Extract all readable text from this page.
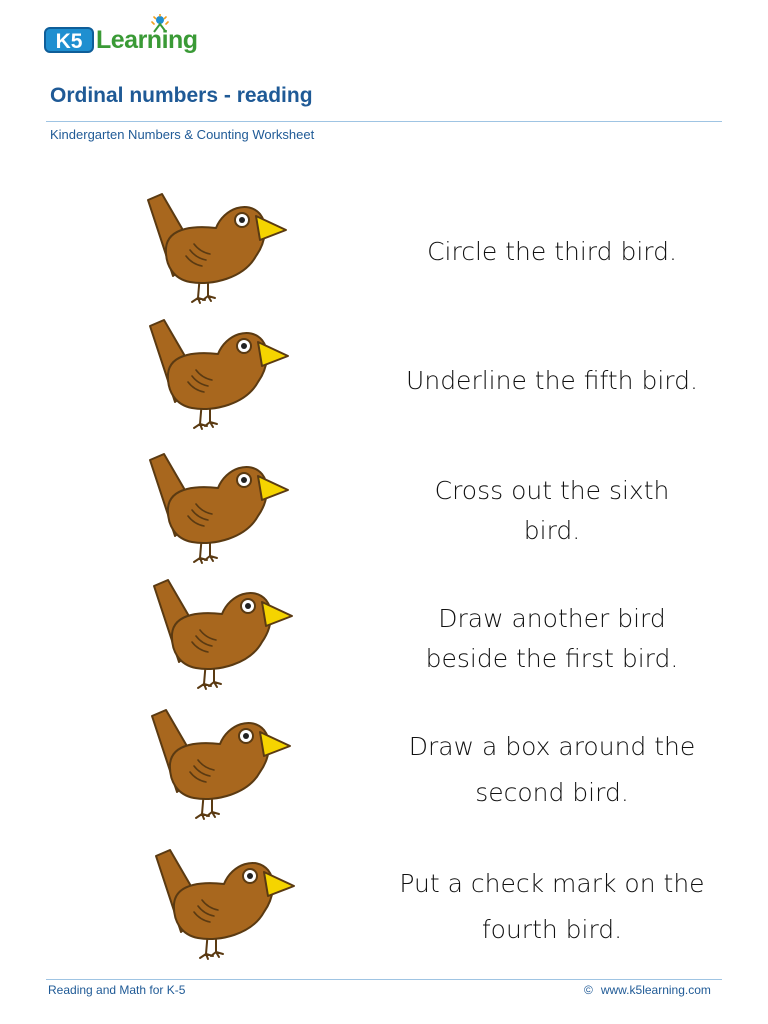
K5 Learning
Ordinal numbers - reading
Kindergarten Numbers & Counting Worksheet
Circle the third bird.
Underline the fifth bird.
Cross out the sixth bird.
Draw another bird beside the first bird.
Draw a box around the second bird.
Put a check mark on the fourth bird.
Reading and Math for K-5	© www.k5learning.com
